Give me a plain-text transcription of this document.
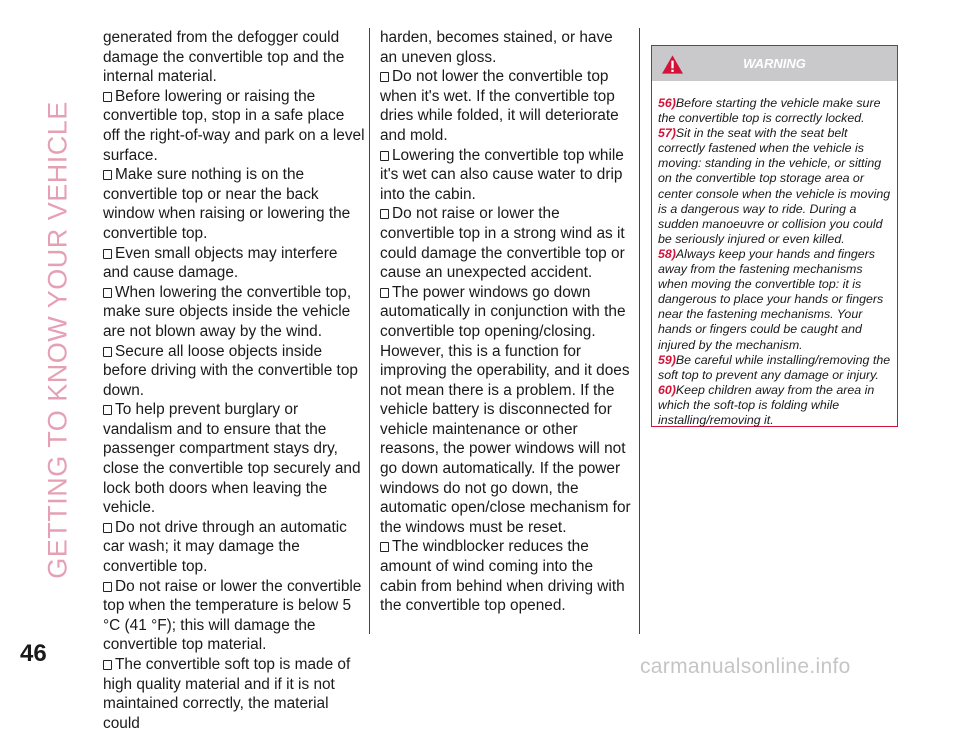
GETTING TO KNOW YOUR VEHICLE
46

generated from the defogger could damage the convertible top and the internal material.

Before lowering or raising the convertible top, stop in a safe place off the right-of-way and park on a level surface.

Make sure nothing is on the convertible top or near the back window when raising or lowering the convertible top.

Even small objects may interfere and cause damage.

When lowering the convertible top, make sure objects inside the vehicle are not blown away by the wind.

Secure all loose objects inside before driving with the convertible top down.

To help prevent burglary or vandalism and to ensure that the passenger compartment stays dry, close the convertible top securely and lock both doors when leaving the vehicle.

Do not drive through an automatic car wash; it may damage the convertible top.

Do not raise or lower the convertible top when the temperature is below 5 °C (41 °F); this will damage the convertible top material.

The convertible soft top is made of high quality material and if it is not maintained correctly, the material could

harden, becomes stained, or have an uneven gloss.

Do not lower the convertible top when it's wet. If the convertible top dries while folded, it will deteriorate and mold.

Lowering the convertible top while it's wet can also cause water to drip into the cabin.

Do not raise or lower the convertible top in a strong wind as it could damage the convertible top or cause an unexpected accident.

The power windows go down automatically in conjunction with the convertible top opening/closing. However, this is a function for improving the operability, and it does not mean there is a problem. If the vehicle battery is disconnected for vehicle maintenance or other reasons, the power windows will not go down automatically. If the power windows do not go down, the automatic open/close mechanism for the windows must be reset.

The windblocker reduces the amount of wind coming into the cabin from behind when driving with the convertible top opened.

WARNING

56)Before starting the vehicle make sure the convertible top is correctly locked.

57)Sit in the seat with the seat belt correctly fastened when the vehicle is moving: standing in the vehicle, or sitting on the convertible top storage area or center console when the vehicle is moving is a dangerous way to ride. During a sudden manoeuvre or collision you could be seriously injured or even killed.

58)Always keep your hands and fingers away from the fastening mechanisms when moving the convertible top: it is dangerous to place your hands or fingers near the fastening mechanisms. Your hands or fingers could be caught and injured by the mechanism.

59)Be careful while installing/removing the soft top to prevent any damage or injury.

60)Keep children away from the area in which the soft-top is folding while installing/removing it.

carmanualsonline.info
